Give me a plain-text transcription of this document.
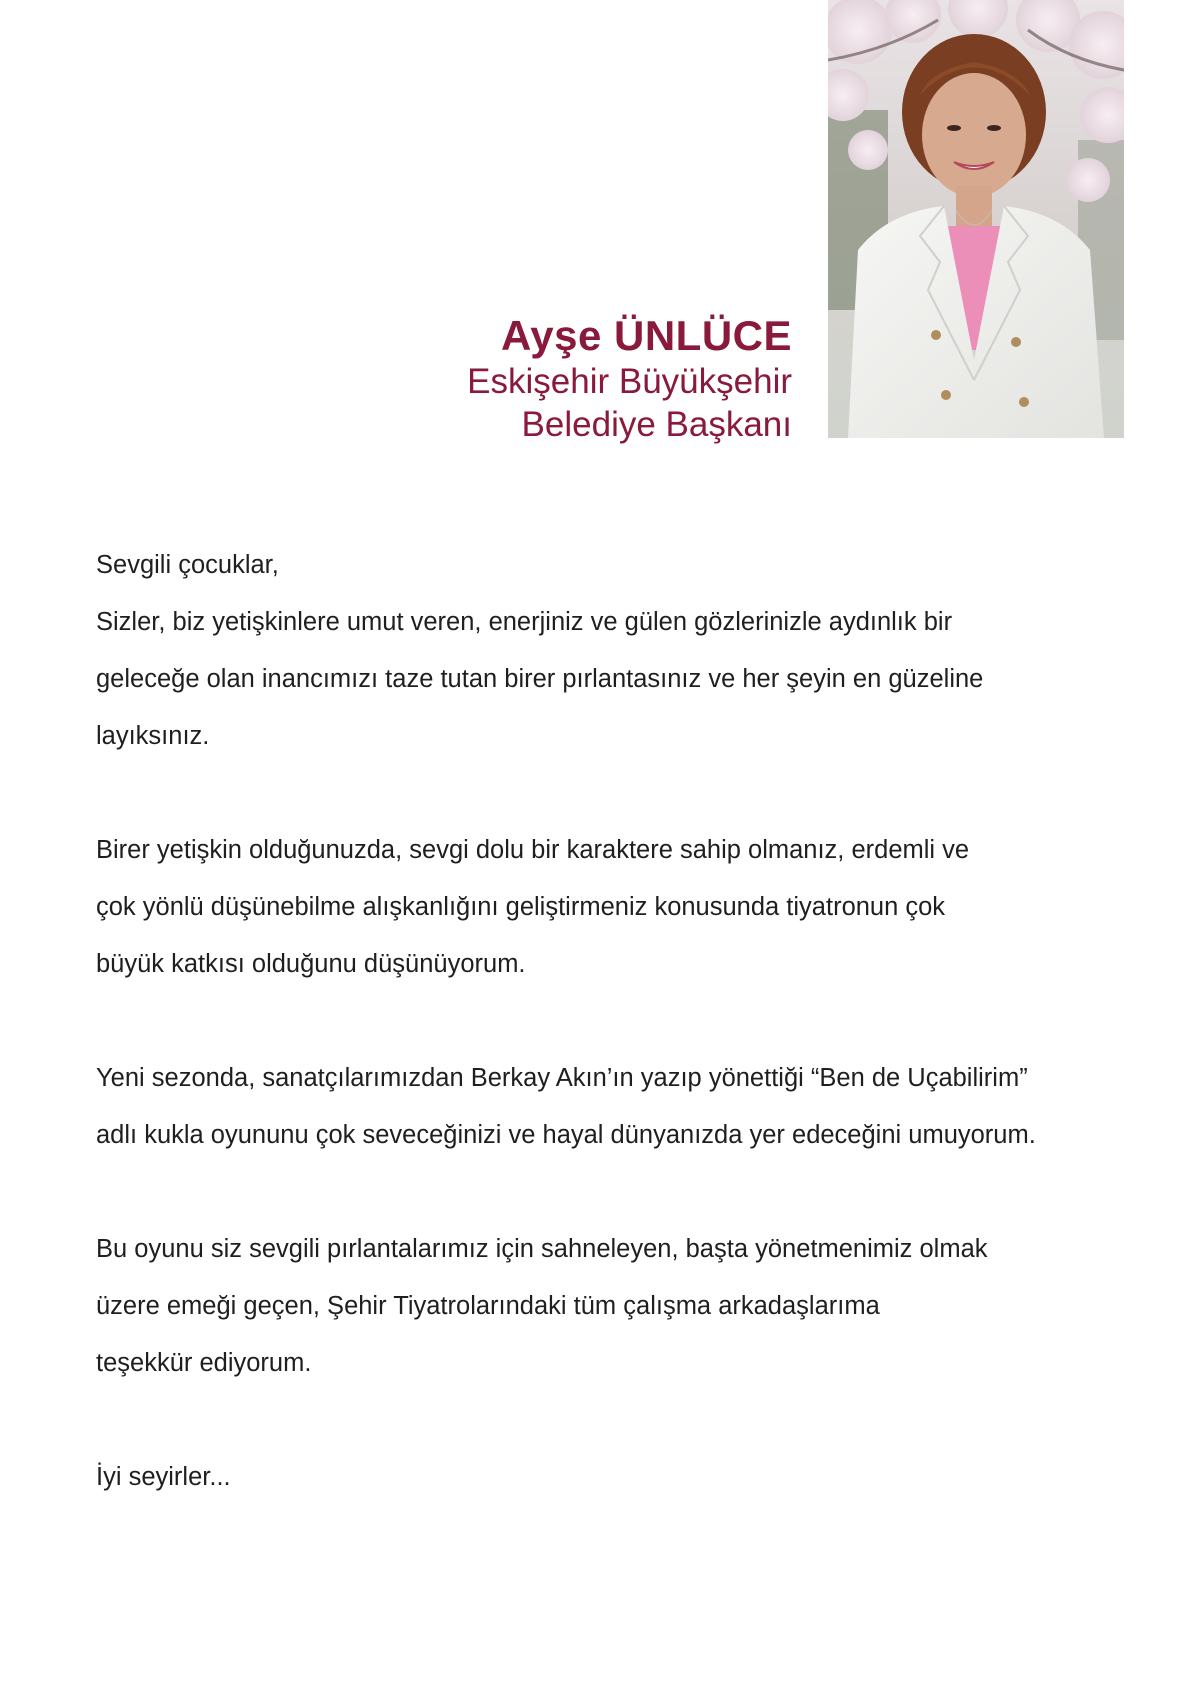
Ayşe ÜNLÜCE
Eskişehir Büyükşehir
Belediye Başkanı

Sevgili çocuklar,

Sizler, biz yetişkinlere umut veren, enerjiniz ve gülen gözlerinizle aydınlık bir

geleceğe olan inancımızı taze tutan birer pırlantasınız ve her şeyin en güzeline

layıksınız.

Birer yetişkin olduğunuzda, sevgi dolu bir karaktere sahip olmanız, erdemli ve

çok yönlü düşünebilme alışkanlığını geliştirmeniz konusunda tiyatronun çok

büyük katkısı olduğunu düşünüyorum.

Yeni sezonda, sanatçılarımızdan Berkay Akın’ın yazıp yönettiği “Ben de Uçabilirim”

adlı kukla oyununu çok seveceğinizi ve hayal dünyanızda yer edeceğini umuyorum.

Bu oyunu siz sevgili pırlantalarımız için sahneleyen, başta yönetmenimiz olmak

üzere emeği geçen, Şehir Tiyatrolarındaki tüm çalışma arkadaşlarıma

teşekkür ediyorum.

İyi seyirler...
